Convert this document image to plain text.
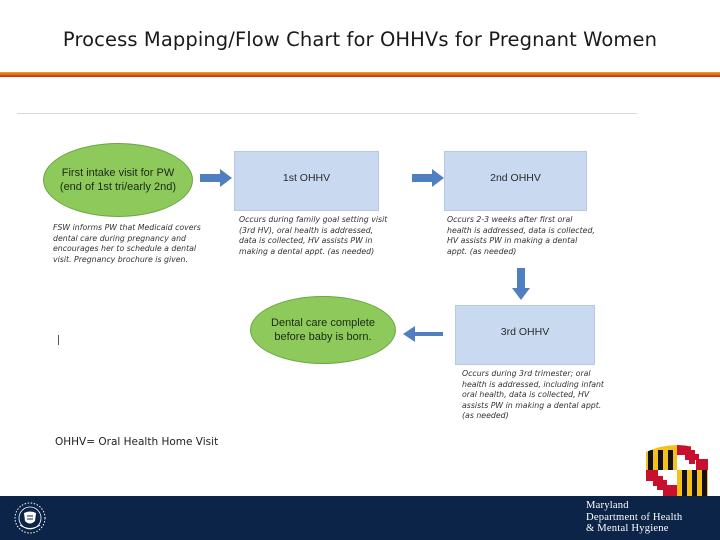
Process Mapping/Flow Chart for OHHVs for Pregnant Women
First intake visit for PW
(end of 1st tri/early 2nd)
FSW informs PW that Medicaid covers dental care during pregnancy and encourages her to schedule a dental visit. Pregnancy brochure is given.
1st OHHV
Occurs during family goal setting visit (3rd HV), oral health is addressed, data is collected, HV assists PW in making a dental appt. (as needed)
2nd OHHV
Occurs 2-3 weeks after first oral health is addressed, data is collected, HV assists PW in making a dental appt. (as needed)
3rd OHHV
Occurs during 3rd trimester; oral health is addressed, including infant oral health, data is collected, HV assists PW in making a dental appt. (as needed)
Dental care complete
before baby is born.
OHHV= Oral Health Home Visit
Maryland
Department of Health
& Mental Hygiene
